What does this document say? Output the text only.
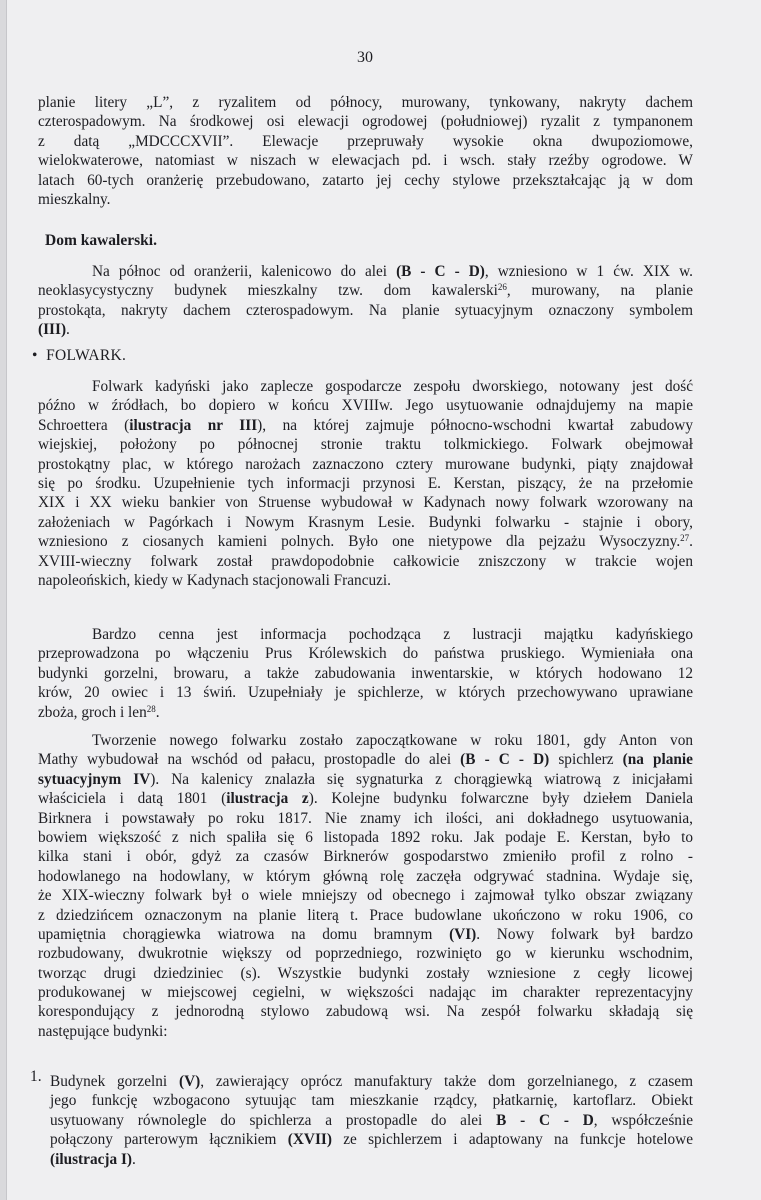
30
planie litery „L”, z ryzalitem od północy, murowany, tynkowany, nakryty dachem
czterospadowym. Na środkowej osi elewacji ogrodowej (południowej) ryzalit z tympanonem
z datą „MDCCCXVII”. Elewacje przepruwały wysokie okna dwupoziomowe,
wielokwaterowe, natomiast w niszach w elewacjach pd. i wsch. stały rzeźby ogrodowe. W
latach 60-tych oranżerię przebudowano, zatarto jej cechy stylowe przekształcając ją w dom
mieszkalny.
Dom kawalerski.
Na północ od oranżerii, kalenicowo do alei (B - C - D), wzniesiono w 1 ćw. XIX w.
neoklasycystyczny budynek mieszkalny tzw. dom kawalerski$^{26}$, murowany, na planie
prostokąta, nakryty dachem czterospadowym. Na planie sytuacyjnym oznaczony symbolem
(III).
• FOLWARK.
Folwark kadyński jako zaplecze gospodarcze zespołu dworskiego, notowany jest dość
późno w źródłach, bo dopiero w końcu XVIIIw. Jego usytuowanie odnajdujemy na mapie
Schroettera (ilustracja nr III), na której zajmuje północno-wschodni kwartał zabudowy
wiejskiej, położony po północnej stronie traktu tolkmickiego. Folwark obejmował
prostokątny plac, w którego narożach zaznaczono cztery murowane budynki, piąty znajdował
się po środku. Uzupełnienie tych informacji przynosi E. Kerstan, piszący, że na przełomie
XIX i XX wieku bankier von Struense wybudował w Kadynach nowy folwark wzorowany na
założeniach w Pagórkach i Nowym Krasnym Lesie. Budynki folwarku - stajnie i obory,
wzniesiono z ciosanych kamieni polnych. Było one nietypowe dla pejzażu Wysoczyzny.$^{27}$.
XVIII-wieczny folwark został prawdopodobnie całkowicie zniszczony w trakcie wojen
napoleońskich, kiedy w Kadynach stacjonowali Francuzi.
Bardzo cenna jest informacja pochodząca z lustracji majątku kadyńskiego
przeprowadzona po włączeniu Prus Królewskich do państwa pruskiego. Wymieniała ona
budynki gorzelni, browaru, a także zabudowania inwentarskie, w których hodowano 12
krów, 20 owiec i 13 świń. Uzupełniały je spichlerze, w których przechowywano uprawiane
zboża, groch i len$^{28}$.
Tworzenie nowego folwarku zostało zapoczątkowane w roku 1801, gdy Anton von
Mathy wybudował na wschód od pałacu, prostopadle do alei (B - C - D) spichlerz (na planie
sytuacyjnym IV). Na kalenicy znalazła się sygnaturka z chorągiewką wiatrową z inicjałami
właściciela i datą 1801 (ilustracja z). Kolejne budynku folwarczne były dziełem Daniela
Birknera i powstawały po roku 1817. Nie znamy ich ilości, ani dokładnego usytuowania,
bowiem większość z nich spaliła się 6 listopada 1892 roku. Jak podaje E. Kerstan, było to
kilka stani i obór, gdyż za czasów Birknerów gospodarstwo zmieniło profil z rolno -
hodowlanego na hodowlany, w którym główną rolę zaczęła odgrywać stadnina. Wydaje się,
że XIX-wieczny folwark był o wiele mniejszy od obecnego i zajmował tylko obszar związany
z dziedzińcem oznaczonym na planie literą t. Prace budowlane ukończono w roku 1906, co
upamiętnia chorągiewka wiatrowa na domu bramnym (VI). Nowy folwark był bardzo
rozbudowany, dwukrotnie większy od poprzedniego, rozwinięto go w kierunku wschodnim,
tworząc drugi dziedziniec (s). Wszystkie budynki zostały wzniesione z cegły licowej
produkowanej w miejscowej cegielni, w większości nadając im charakter reprezentacyjny
korespondujący z jednorodną stylowo zabudową wsi. Na zespół folwarku składają się
następujące budynki:
1. Budynek gorzelni (V), zawierający oprócz manufaktury także dom gorzelnianego, z czasem
jego funkcję wzbogacono sytuując tam mieszkanie rządcy, płatkarnię, kartoflarz. Obiekt
usytuowany równolegle do spichlerza a prostopadle do alei B - C - D, współcześnie
połączony parterowym łącznikiem (XVII) ze spichlerzem i adaptowany na funkcje hotelowe
(ilustracja I).
